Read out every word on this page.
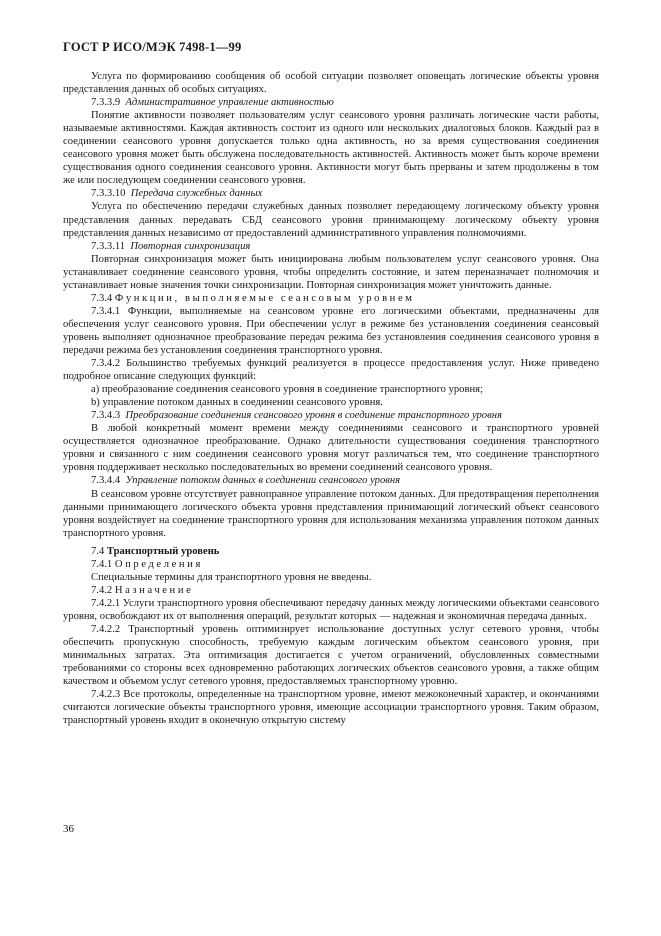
ГОСТ Р ИСО/МЭК 7498-1—99

Услуга по формированию сообщения об особой ситуации позволяет оповещать логические объекты уровня представления данных об особых ситуациях.

7.3.3.9 Административное управление активностью

Понятие активности позволяет пользователям услуг сеансового уровня различать логические части работы, называемые активностями. Каждая активность состоит из одного или нескольких диалоговых блоков. Каждый раз в соединении сеансового уровня допускается только одна активность, но за время существования соединения сеансового уровня может быть обслужена последовательность активностей. Активность может быть короче времени существования одного соединения сеансового уровня. Активности могут быть прерваны и затем продолжены в том же или последующем соединении сеансового уровня.

7.3.3.10 Передача служебных данных

Услуга по обеспечению передачи служебных данных позволяет передающему логическому объекту уровня представления данных передавать СБД сеансового уровня принимающему логическому объекту уровня представления данных независимо от предоставлений административного управления полномочиями.

7.3.3.11 Повторная синхронизация

Повторная синхронизация может быть инициирована любым пользователем услуг сеансового уровня. Она устанавливает соединение сеансового уровня, чтобы определить состояние, и затем переназначает полномочия и устанавливает новые значения точки синхронизации. Повторная синхронизация может уничтожить данные.

7.3.4 Функции, выполняемые сеансовым уровнем

7.3.4.1 Функции, выполняемые на сеансовом уровне его логическими объектами, предназначены для обеспечения услуг сеансового уровня. При обеспечении услуг в режиме без установления соединения сеансовый уровень выполняет однозначное преобразование передач режима без установления соединения сеансового уровня в передачи режима без установления соединения транспортного уровня.

7.3.4.2 Большинство требуемых функций реализуется в процессе предоставления услуг. Ниже приведено подробное описание следующих функций:

а) преобразование соединения сеансового уровня в соединение транспортного уровня;

b) управление потоком данных в соединении сеансового уровня.

7.3.4.3 Преобразование соединения сеансового уровня в соединение транспортного уровня

В любой конкретный момент времени между соединениями сеансового и транспортного уровней осуществляется однозначное преобразование. Однако длительности существования соединения транспортного уровня и связанного с ним соединения сеансового уровня могут различаться тем, что соединение транспортного уровня поддерживает несколько последовательных во времени соединений сеансового уровня.

7.3.4.4 Управление потоком данных в соединении сеансового уровня

В сеансовом уровне отсутствует равноправное управление потоком данных. Для предотвращения переполнения данными принимающего логического объекта уровня представления принимающий логический объект сеансового уровня воздействует на соединение транспортного уровня для использования механизма управления потоком данных транспортного уровня.

7.4 Транспортный уровень

7.4.1 Определения

Специальные термины для транспортного уровня не введены.

7.4.2 Назначение

7.4.2.1 Услуги транспортного уровня обеспечивают передачу данных между логическими объектами сеансового уровня, освобождают их от выполнения операций, результат которых — надежная и экономичная передача данных.

7.4.2.2 Транспортный уровень оптимизирует использование доступных услуг сетевого уровня, чтобы обеспечить пропускную способность, требуемую каждым логическим объектом сеансового уровня, при минимальных затратах. Эта оптимизация достигается с учетом ограничений, обусловленных совместными требованиями со стороны всех одновременно работающих логических объектов сеансового уровня, а также общим качеством и объемом услуг сетевого уровня, предоставляемых транспортному уровню.

7.4.2.3 Все протоколы, определенные на транспортном уровне, имеют межоконечный характер, и окончаниями считаются логические объекты транспортного уровня, имеющие ассоциации транспортного уровня. Таким образом, транспортный уровень входит в оконечную открытую систему

36
